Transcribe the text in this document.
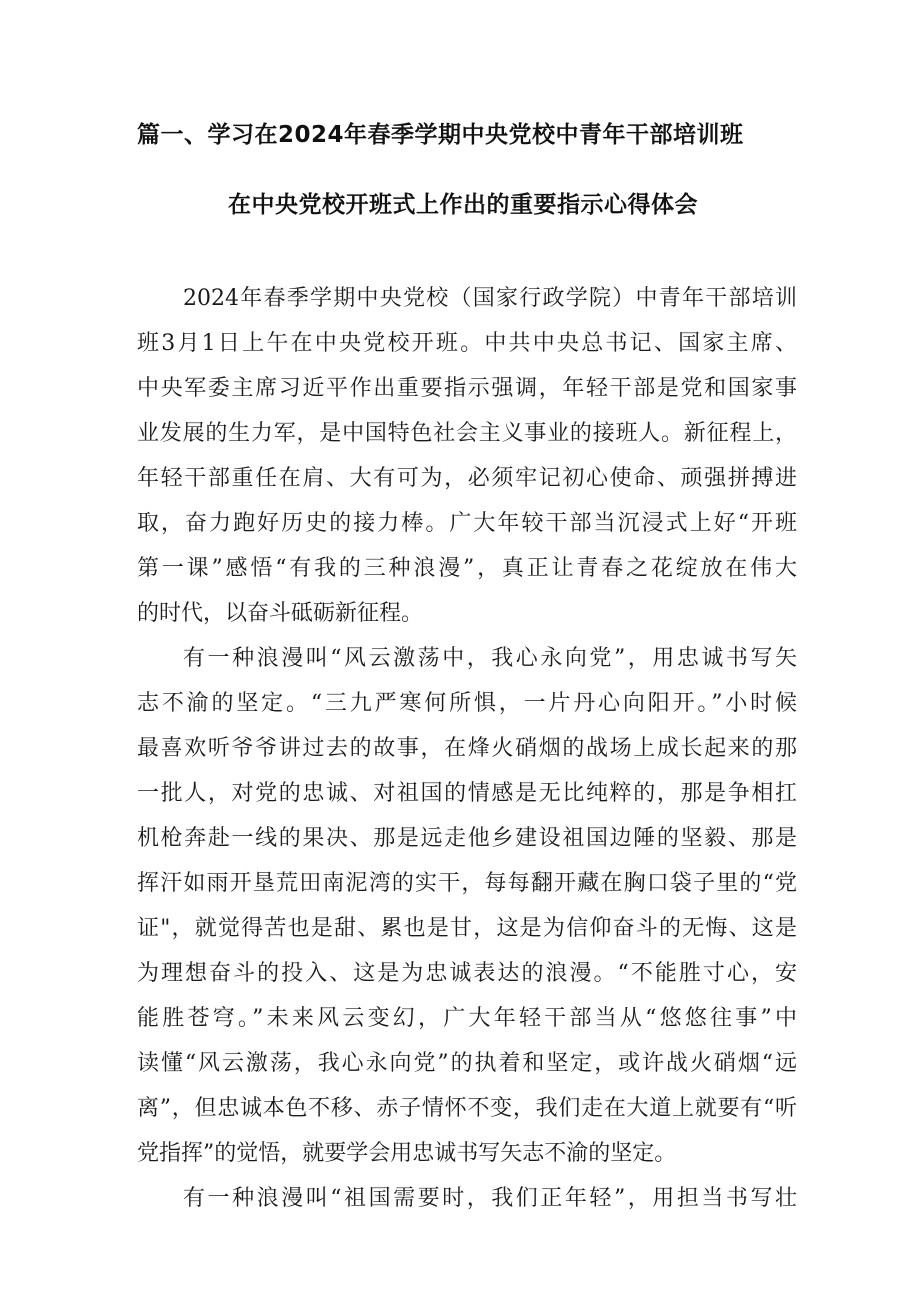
篇一、学习在2024年春季学期中央党校中青年干部培训班
在中央党校开班式上作出的重要指示心得体会
2024年春季学期中央党校（国家行政学院）中青年干部培训
班3月1日上午在中央党校开班。中共中央总书记、国家主席、
中央军委主席习近平作出重要指示强调，年轻干部是党和国家事
业发展的生力军，是中国特色社会主义事业的接班人。新征程上，
年轻干部重任在肩、大有可为，必须牢记初心使命、顽强拼搏进
取，奋力跑好历史的接力棒。广大年较干部当沉浸式上好“开班
第一课”感悟“有我的三种浪漫”，真正让青春之花绽放在伟大
的时代，以奋斗砥砺新征程。
有一种浪漫叫“风云激荡中，我心永向党”，用忠诚书写矢
志不渝的坚定。“三九严寒何所惧，一片丹心向阳开。”小时候
最喜欢听爷爷讲过去的故事，在烽火硝烟的战场上成长起来的那
一批人，对党的忠诚、对祖国的情感是无比纯粹的，那是争相扛
机枪奔赴一线的果决、那是远走他乡建设祖国边陲的坚毅、那是
挥汗如雨开垦荒田南泥湾的实干，每每翻开藏在胸口袋子里的“党
证"，就觉得苦也是甜、累也是甘，这是为信仰奋斗的无悔、这是
为理想奋斗的投入、这是为忠诚表达的浪漫。“不能胜寸心，安
能胜苍穹。”未来风云变幻，广大年轻干部当从“悠悠往事”中
读懂“风云激荡，我心永向党”的执着和坚定，或许战火硝烟“远
离”，但忠诚本色不移、赤子情怀不变，我们走在大道上就要有“听
党指挥”的觉悟，就要学会用忠诚书写矢志不渝的坚定。
有一种浪漫叫“祖国需要时，我们正年轻”，用担当书写壮
